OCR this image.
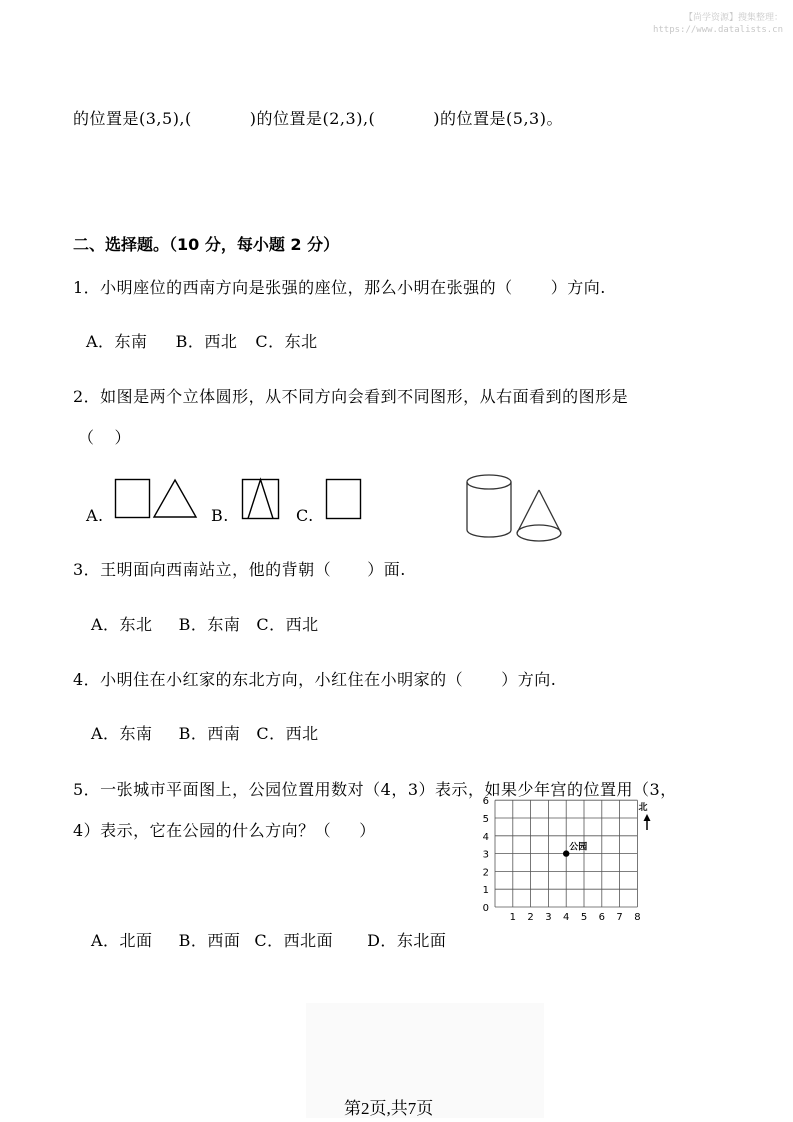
【尚学资源】搜集整理：
https://www.datalists.cn
的位置是(3,5),(	)的位置是(2,3),(	)的位置是(5,3)。
二、选择题。（10 分，每小题 2 分）
1．小明座位的西南方向是张强的座位，那么小明在张强的（ ）方向.
A．东南 B．西北 C．东北
2．如图是两个立体圆形，从不同方向会看到不同图形，从右面看到的图形是
（ ）
A.	B.	C.
3．王明面向西南站立，他的背朝（ ）面.
A．东北 B．东南 C．西北
4．小明住在小红家的东北方向，小红住在小明家的（ ）方向.
A．东南 B．西南 C．西北
5．一张城市平面图上，公园位置用数对（4，3）表示，如果少年宫的位置用（3，
4）表示，它在公园的什么方向？（ ）
1 2 3 4 5 6 7 8
0
1
2
3
4
5
6
北
公园
A．北面 B．西面 C．西北面 D．东北面
第2页,共7页
